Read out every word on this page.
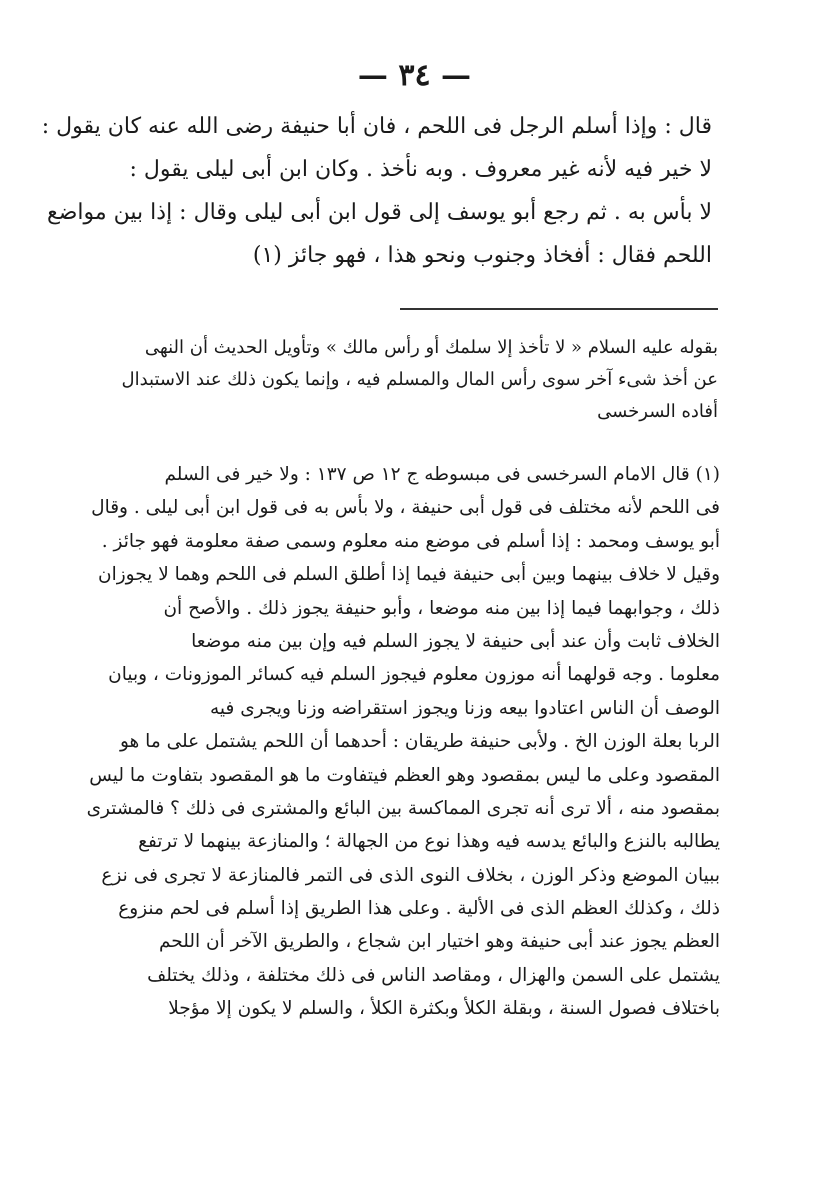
— ٣٤ —

قال : وإذا أسلم الرجل فى اللحم ، فان أبا حنيفة رضى الله عنه كان يقول :

لا خير فيه لأنه غير معروف . وبه نأخذ . وكان ابن أبى ليلى يقول :

لا بأس به . ثم رجع أبو يوسف إلى قول ابن أبى ليلى وقال : إذا بين مواضع

اللحم فقال : أفخاذ وجنوب ونحو هذا ، فهو جائز (١)

بقوله عليه السلام « لا تأخذ إلا سلمك أو رأس مالك » وتأويل الحديث أن النهى

عن أخذ شىء آخر سوى رأس المال والمسلم فيه ، وإنما يكون ذلك عند الاستبدال

أفاده السرخسى

(١) قال الامام السرخسى فى مبسوطه ج ١٢ ص ١٣٧ : ولا خير فى السلم

فى اللحم لأنه مختلف فى قول أبى حنيفة ، ولا بأس به فى قول ابن أبى ليلى . وقال

أبو يوسف ومحمد : إذا أسلم فى موضع منه معلوم وسمى صفة معلومة فهو جائز .

وقيل لا خلاف بينهما وبين أبى حنيفة فيما إذا أطلق السلم فى اللحم وهما لا يجوزان

ذلك ، وجوابهما فيما إذا بين منه موضعا ، وأبو حنيفة يجوز ذلك . والأصح أن

الخلاف ثابت وأن عند أبى حنيفة لا يجوز السلم فيه وإن بين منه موضعا

معلوما . وجه قولهما أنه موزون معلوم فيجوز السلم فيه كسائر الموزونات ، وبيان

الوصف أن الناس اعتادوا بيعه وزنا ويجوز استقراضه وزنا ويجرى فيه

الربا بعلة الوزن الخ . ولأبى حنيفة طريقان : أحدهما أن اللحم يشتمل على ما هو

المقصود وعلى ما ليس بمقصود وهو العظم فيتفاوت ما هو المقصود بتفاوت ما ليس

بمقصود منه ، ألا ترى أنه تجرى المماكسة بين البائع والمشترى فى ذلك ؟ فالمشترى

يطالبه بالنزع والبائع يدسه فيه وهذا نوع من الجهالة ؛ والمنازعة بينهما لا ترتفع

ببيان الموضع وذكر الوزن ، بخلاف النوى الذى فى التمر فالمنازعة لا تجرى فى نزع

ذلك ، وكذلك العظم الذى فى الألية . وعلى هذا الطريق إذا أسلم فى لحم منزوع

العظم يجوز عند أبى حنيفة وهو اختيار ابن شجاع ، والطريق الآخر أن اللحم

يشتمل على السمن والهزال ، ومقاصد الناس فى ذلك مختلفة ، وذلك يختلف

باختلاف فصول السنة ، وبقلة الكلأ وبكثرة الكلأ ، والسلم لا يكون إلا مؤجلا
